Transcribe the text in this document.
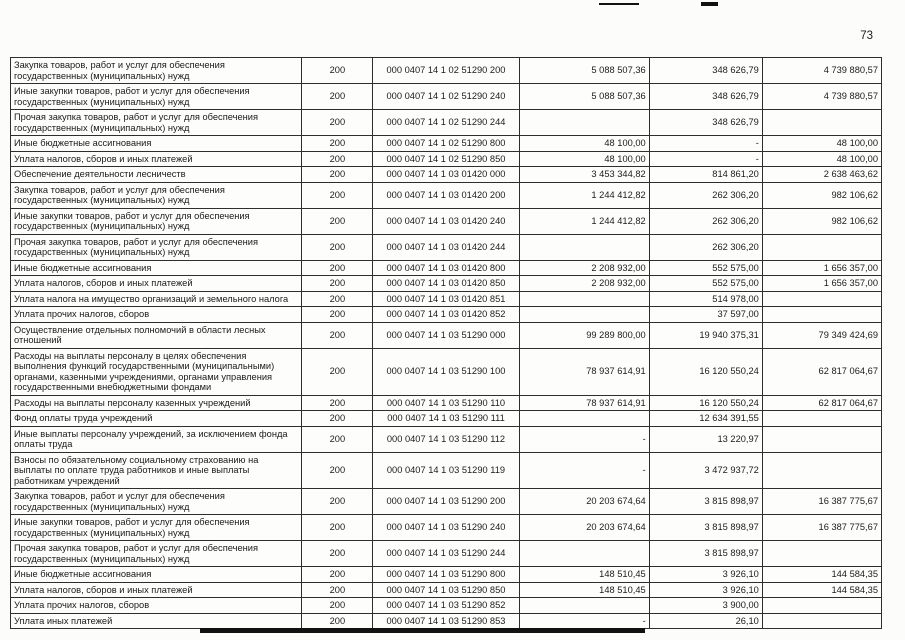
73
Закупка товаров, работ и услуг для обеспечения государственных (муниципальных) нужд	200	000 0407 14 1 02 51290 200	5 088 507,36	348 626,79	4 739 880,57
Иные закупки товаров, работ и услуг для обеспечения государственных (муниципальных) нужд	200	000 0407 14 1 02 51290 240	5 088 507,36	348 626,79	4 739 880,57
Прочая закупка товаров, работ и услуг для обеспечения государственных (муниципальных) нужд	200	000 0407 14 1 02 51290 244		348 626,79	
Иные бюджетные ассигнования	200	000 0407 14 1 02 51290 800	48 100,00	-	48 100,00
Уплата налогов, сборов и иных платежей	200	000 0407 14 1 02 51290 850	48 100,00	-	48 100,00
Обеспечение деятельности лесничеств	200	000 0407 14 1 03 01420 000	3 453 344,82	814 861,20	2 638 463,62
Закупка товаров, работ и услуг для обеспечения государственных (муниципальных) нужд	200	000 0407 14 1 03 01420 200	1 244 412,82	262 306,20	982 106,62
Иные закупки товаров, работ и услуг для обеспечения государственных (муниципальных) нужд	200	000 0407 14 1 03 01420 240	1 244 412,82	262 306,20	982 106,62
Прочая закупка товаров, работ и услуг для обеспечения государственных (муниципальных) нужд	200	000 0407 14 1 03 01420 244		262 306,20	
Иные бюджетные ассигнования	200	000 0407 14 1 03 01420 800	2 208 932,00	552 575,00	1 656 357,00
Уплата налогов, сборов и иных платежей	200	000 0407 14 1 03 01420 850	2 208 932,00	552 575,00	1 656 357,00
Уплата налога на имущество организаций и земельного налога	200	000 0407 14 1 03 01420 851		514 978,00	
Уплата прочих налогов, сборов	200	000 0407 14 1 03 01420 852		37 597,00	
Осуществление отдельных полномочий в области лесных отношений	200	000 0407 14 1 03 51290 000	99 289 800,00	19 940 375,31	79 349 424,69
Расходы на выплаты персоналу в целях обеспечения выполнения функций государственными (муниципальными) органами, казенными учреждениями, органами управления государственными внебюджетными фондами	200	000 0407 14 1 03 51290 100	78 937 614,91	16 120 550,24	62 817 064,67
Расходы на выплаты персоналу казенных учреждений	200	000 0407 14 1 03 51290 110	78 937 614,91	16 120 550,24	62 817 064,67
Фонд оплаты труда учреждений	200	000 0407 14 1 03 51290 111		12 634 391,55	
Иные выплаты персоналу учреждений, за исключением фонда оплаты труда	200	000 0407 14 1 03 51290 112	-	13 220,97	
Взносы по обязательному социальному страхованию на выплаты по оплате труда работников и иные выплаты работникам учреждений	200	000 0407 14 1 03 51290 119	-	3 472 937,72	
Закупка товаров, работ и услуг для обеспечения государственных (муниципальных) нужд	200	000 0407 14 1 03 51290 200	20 203 674,64	3 815 898,97	16 387 775,67
Иные закупки товаров, работ и услуг для обеспечения государственных (муниципальных) нужд	200	000 0407 14 1 03 51290 240	20 203 674,64	3 815 898,97	16 387 775,67
Прочая закупка товаров, работ и услуг для обеспечения государственных (муниципальных) нужд	200	000 0407 14 1 03 51290 244		3 815 898,97	
Иные бюджетные ассигнования	200	000 0407 14 1 03 51290 800	148 510,45	3 926,10	144 584,35
Уплата налогов, сборов и иных платежей	200	000 0407 14 1 03 51290 850	148 510,45	3 926,10	144 584,35
Уплата прочих налогов, сборов	200	000 0407 14 1 03 51290 852		3 900,00	
Уплата иных платежей	200	000 0407 14 1 03 51290 853	-	26,10	
